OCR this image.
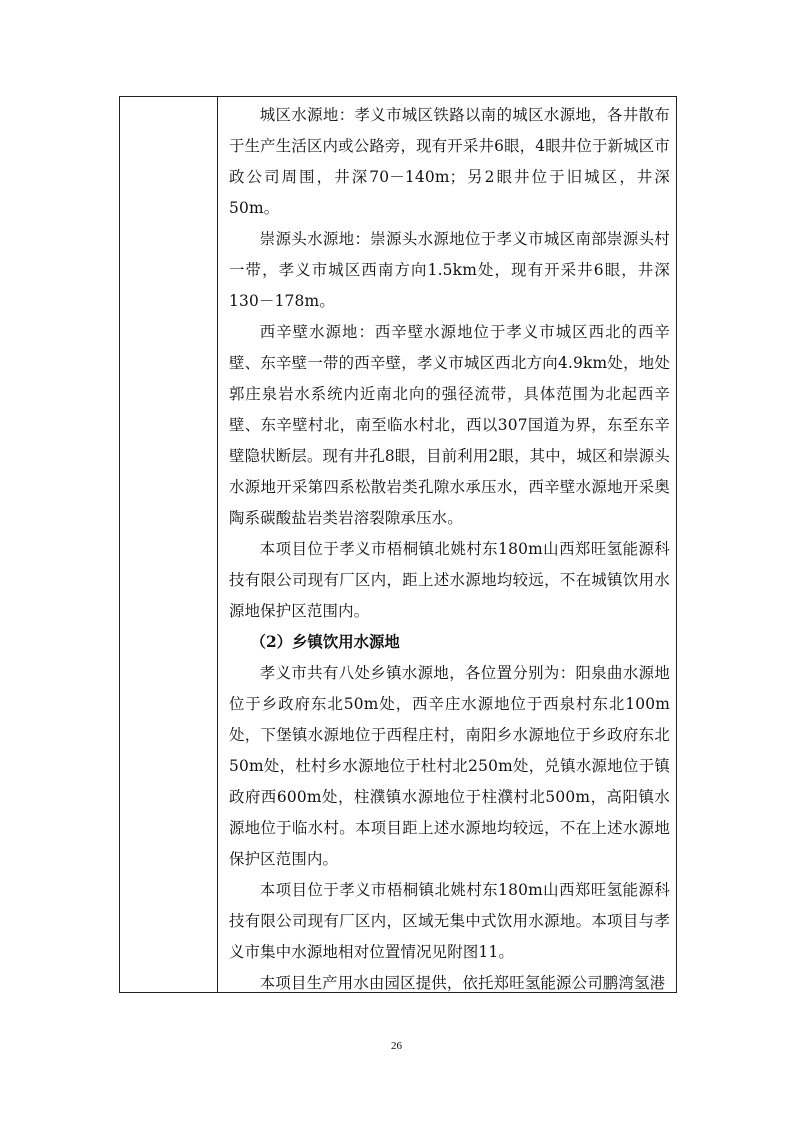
城区水源地：孝义市城区铁路以南的城区水源地，各井散布于生产生活区内或公路旁，现有开采井6眼，4眼井位于新城区市政公司周围，井深70－140m；另2眼井位于旧城区，井深50m。

崇源头水源地：崇源头水源地位于孝义市城区南部崇源头村一带，孝义市城区西南方向1.5km处，现有开采井6眼，井深130－178m。

西辛壁水源地：西辛壁水源地位于孝义市城区西北的西辛壁、东辛壁一带的西辛壁，孝义市城区西北方向4.9km处，地处郭庄泉岩水系统内近南北向的强径流带，具体范围为北起西辛壁、东辛壁村北，南至临水村北，西以307国道为界，东至东辛壁隐状断层。现有井孔8眼，目前利用2眼，其中，城区和崇源头水源地开采第四系松散岩类孔隙水承压水，西辛壁水源地开采奥陶系碳酸盐岩类岩溶裂隙承压水。

本项目位于孝义市梧桐镇北姚村东180m山西郑旺氢能源科技有限公司现有厂区内，距上述水源地均较远，不在城镇饮用水源地保护区范围内。

（2）乡镇饮用水源地

孝义市共有八处乡镇水源地，各位置分别为：阳泉曲水源地位于乡政府东北50m处，西辛庄水源地位于西泉村东北100m处，下堡镇水源地位于西程庄村，南阳乡水源地位于乡政府东北50m处，杜村乡水源地位于杜村北250m处，兑镇水源地位于镇政府西600m处，柱濮镇水源地位于柱濮村北500m，高阳镇水源地位于临水村。本项目距上述水源地均较远，不在上述水源地保护区范围内。

本项目位于孝义市梧桐镇北姚村东180m山西郑旺氢能源科技有限公司现有厂区内，区域无集中式饮用水源地。本项目与孝义市集中水源地相对位置情况见附图11。

本项目生产用水由园区提供，依托郑旺氢能源公司鹏湾氢港

26
